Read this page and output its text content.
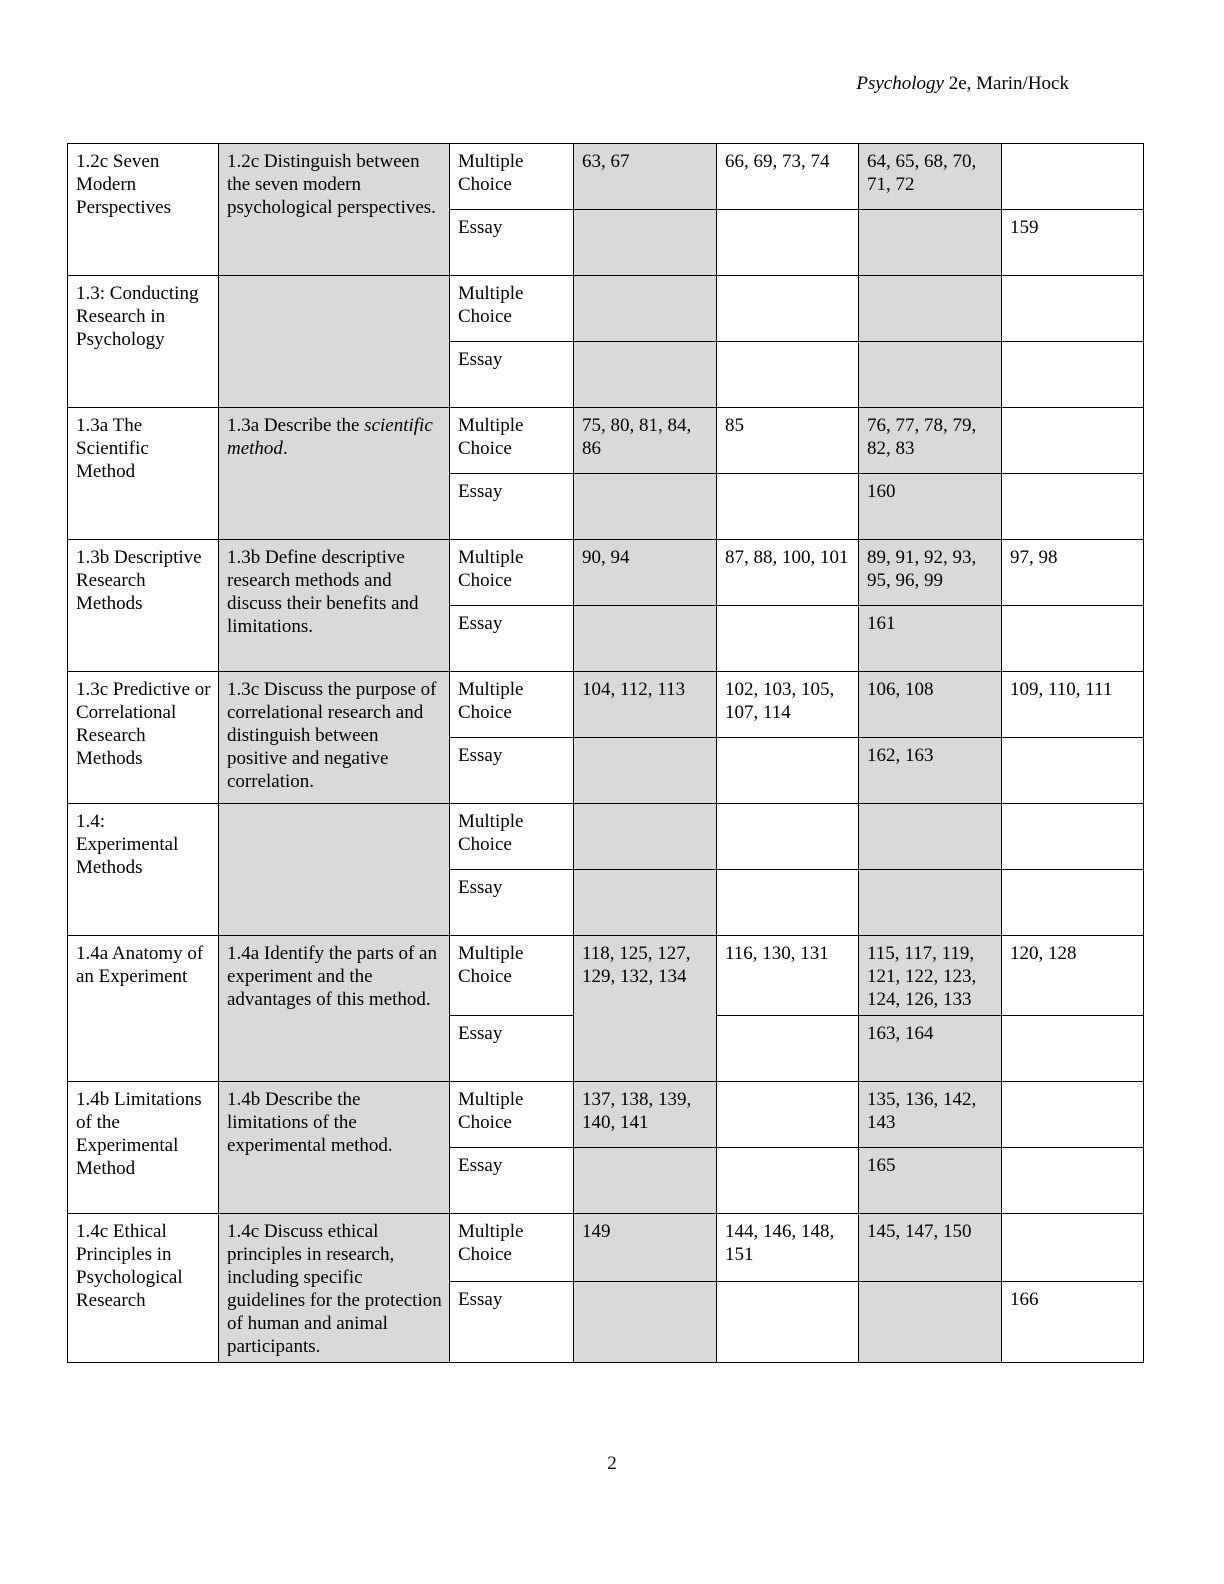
Psychology 2e, Marin/Hock
1.2c Seven Modern Perspectives	1.2c Distinguish between the seven modern psychological perspectives.	Multiple Choice	63, 67	66, 69, 73, 74	64, 65, 68, 70, 71, 72	
		Essay				159
1.3: Conducting Research in Psychology		Multiple Choice				
		Essay				
1.3a The Scientific Method	1.3a Describe the scientific method.	Multiple Choice	75, 80, 81, 84, 86	85	76, 77, 78, 79, 82, 83	
		Essay			160	
1.3b Descriptive Research Methods	1.3b Define descriptive research methods and discuss their benefits and limitations.	Multiple Choice	90, 94	87, 88, 100, 101	89, 91, 92, 93, 95, 96, 99	97, 98
		Essay			161	
1.3c Predictive or Correlational Research Methods	1.3c Discuss the purpose of correlational research and distinguish between positive and negative correlation.	Multiple Choice	104, 112, 113	102, 103, 105, 107, 114	106, 108	109, 110, 111
		Essay			162, 163	
1.4: Experimental Methods		Multiple Choice				
		Essay				
1.4a Anatomy of an Experiment	1.4a Identify the parts of an experiment and the advantages of this method.	Multiple Choice	118, 125, 127, 129, 132, 134	116, 130, 131	115, 117, 119, 121, 122, 123, 124, 126, 133	120, 128
		Essay			163, 164	
1.4b Limitations of the Experimental Method	1.4b Describe the limitations of the experimental method.	Multiple Choice	137, 138, 139, 140, 141		135, 136, 142, 143	
		Essay			165	
1.4c Ethical Principles in Psychological Research	1.4c Discuss ethical principles in research, including specific guidelines for the protection of human and animal participants.	Multiple Choice	149	144, 146, 148, 151	145, 147, 150	
		Essay				166
2
